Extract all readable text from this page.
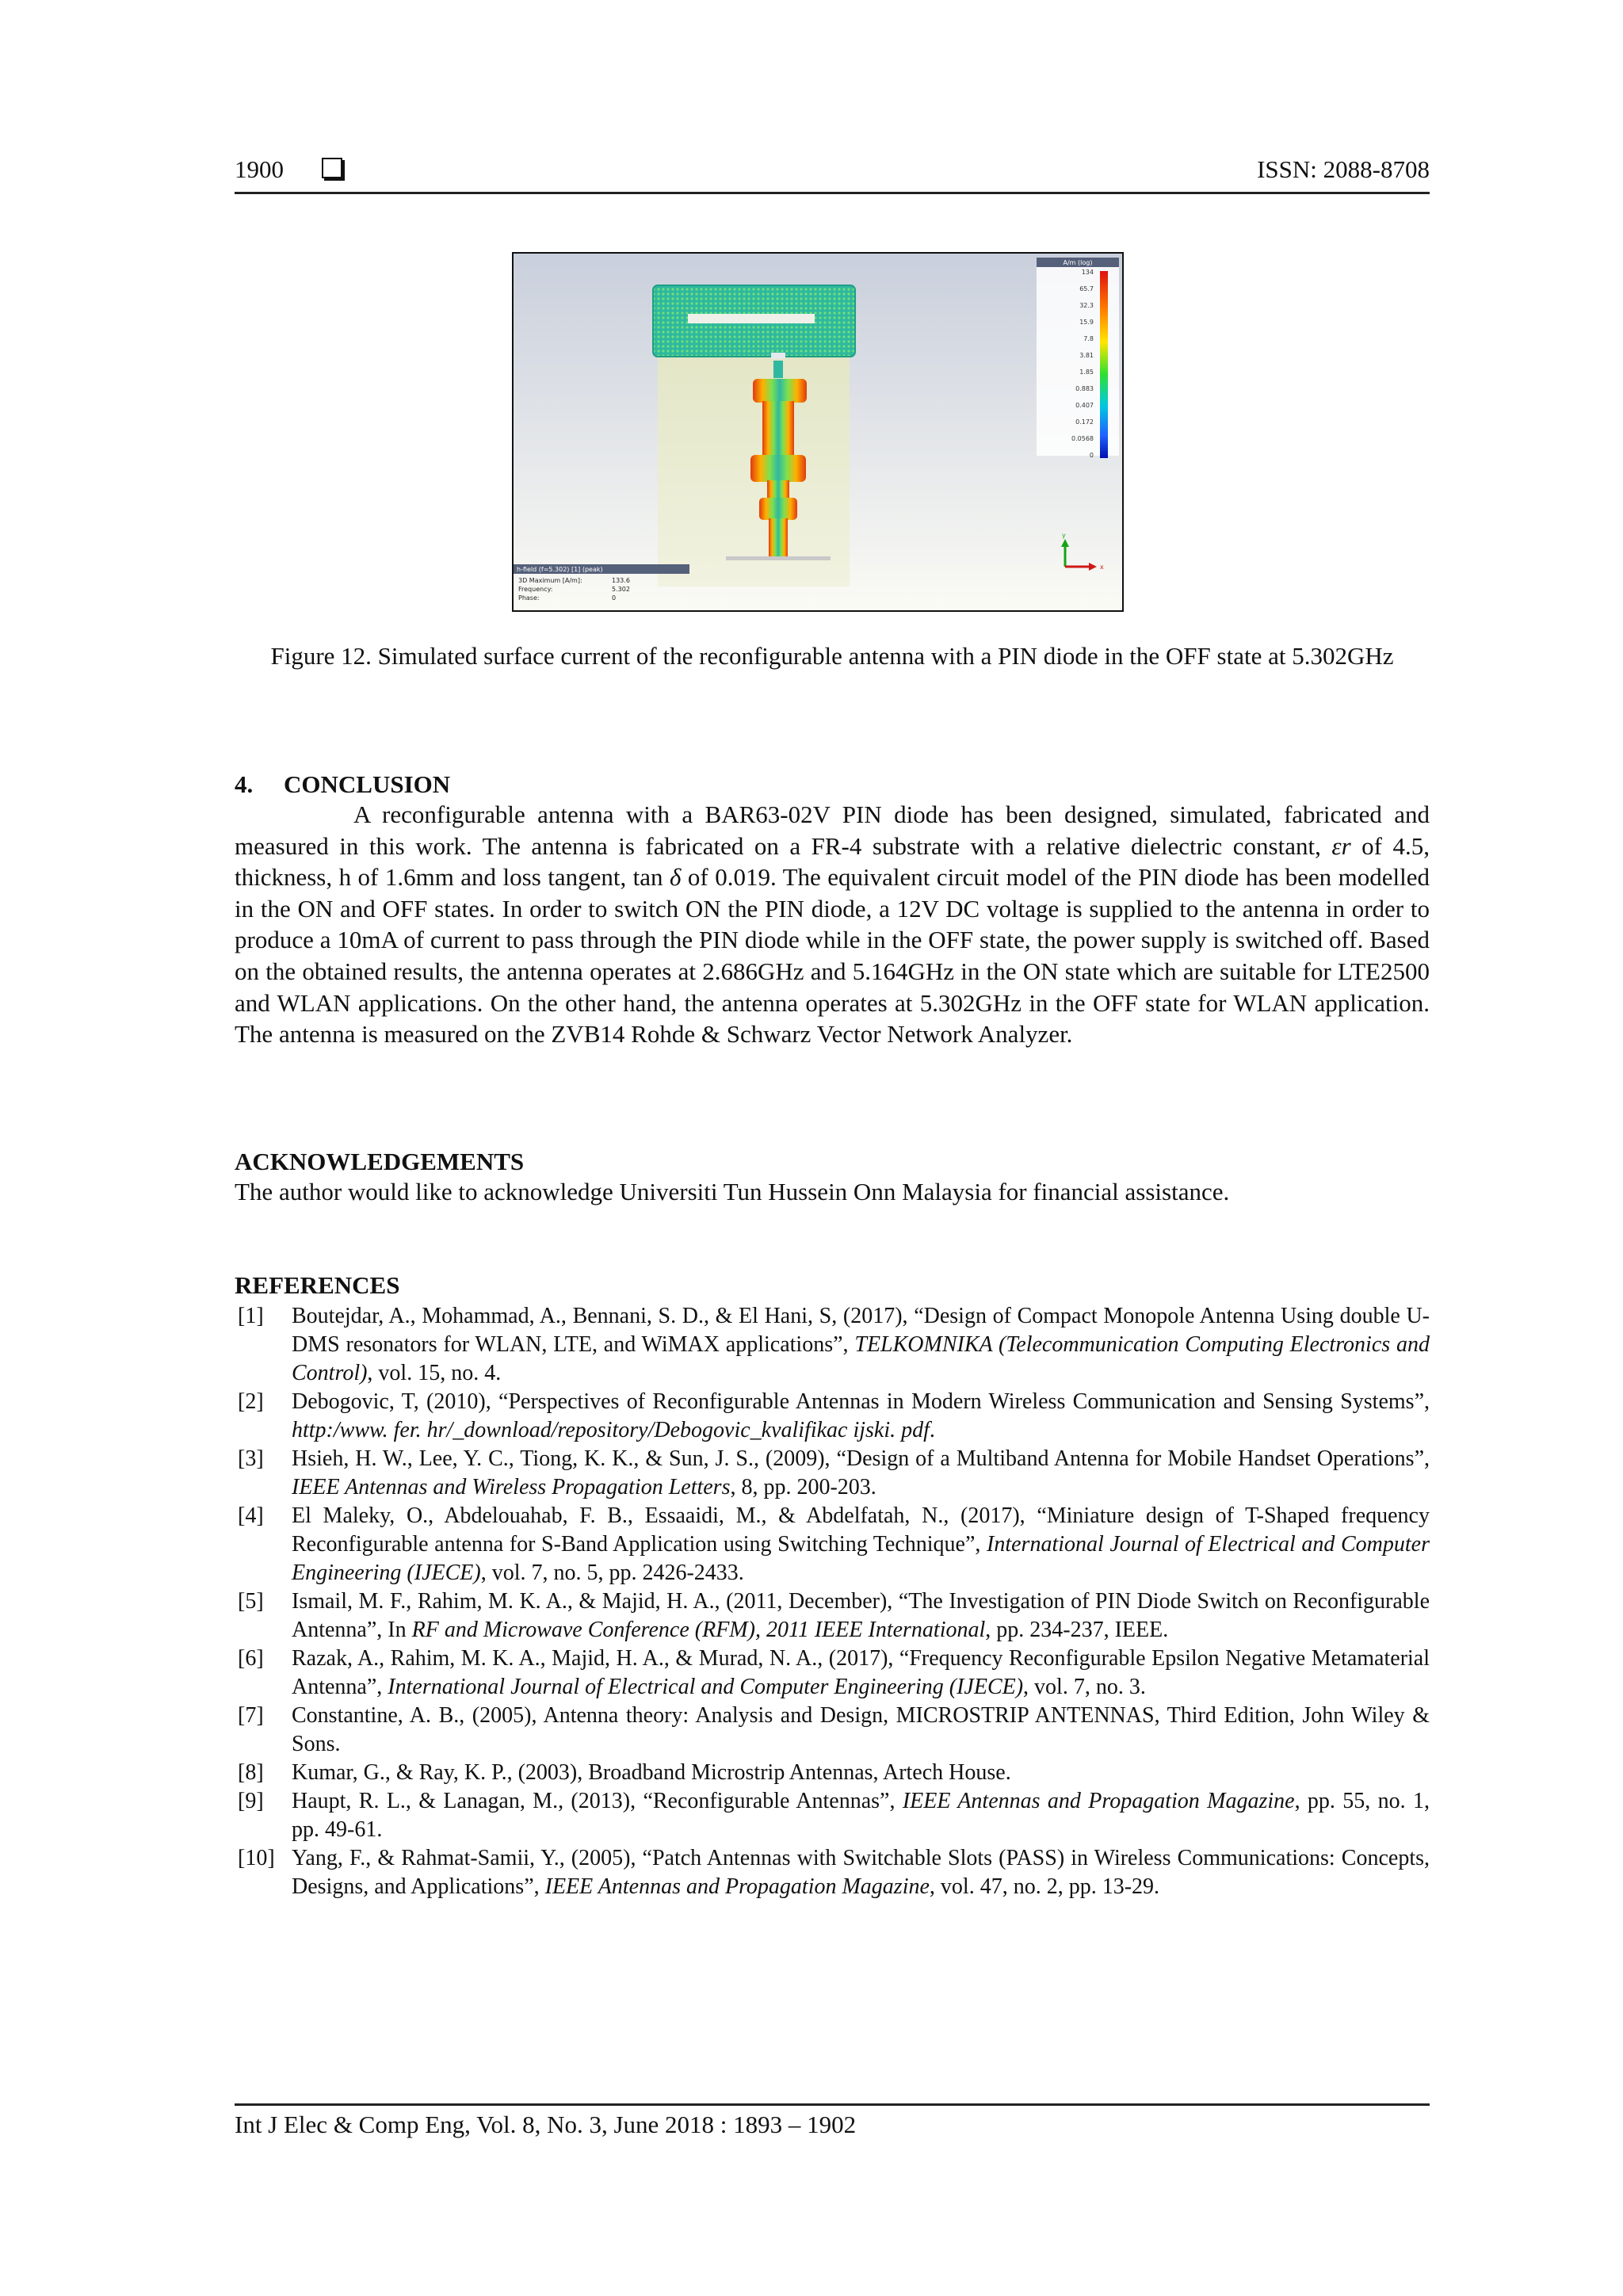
1900	ISSN: 2088-8708
A/m (log)
134
65.7
32.3
15.9
7.8
3.81
1.85
0.883
0.407
0.172
0.0568
0
y
x
h-field (f=5.302) [1] (peak)
3D Maximum [A/m]:	133.6
Frequency:	5.302
Phase:	0
Figure 12. Simulated surface current of the reconfigurable antenna with a PIN diode in the OFF state at 5.302GHz
4.     CONCLUSION
A reconfigurable antenna with a BAR63-02V PIN diode has been designed, simulated, fabricated and measured in this work. The antenna is fabricated on a FR-4 substrate with a relative dielectric constant, εr of 4.5, thickness, h of 1.6mm and loss tangent, tan δ of 0.019. The equivalent circuit model of the PIN diode has been modelled in the ON and OFF states. In order to switch ON the PIN diode, a 12V DC voltage is supplied to the antenna in order to produce a 10mA of current to pass through the PIN diode while in the OFF state, the power supply is switched off. Based on the obtained results, the antenna operates at 2.686GHz and 5.164GHz in the ON state which are suitable for LTE2500 and WLAN applications. On the other hand, the antenna operates at 5.302GHz in the OFF state for WLAN application. The antenna is measured on the ZVB14 Rohde & Schwarz Vector Network Analyzer.
ACKNOWLEDGEMENTS
The author would like to acknowledge Universiti Tun Hussein Onn Malaysia for financial assistance.
REFERENCES
[1]	Boutejdar, A., Mohammad, A., Bennani, S. D., & El Hani, S, (2017), “Design of Compact Monopole Antenna Using double U-DMS resonators for WLAN, LTE, and WiMAX applications”, TELKOMNIKA (Telecommunication Computing Electronics and Control), vol. 15, no. 4.
[2]	Debogovic, T, (2010), “Perspectives of Reconfigurable Antennas in Modern Wireless Communication and Sensing Systems”, http:/www. fer. hr/_download/repository/Debogovic_kvalifikac ijski. pdf.
[3]	Hsieh, H. W., Lee, Y. C., Tiong, K. K., & Sun, J. S., (2009), “Design of a Multiband Antenna for Mobile Handset Operations”, IEEE Antennas and Wireless Propagation Letters, 8, pp. 200-203.
[4]	El Maleky, O., Abdelouahab, F. B., Essaaidi, M., & Abdelfatah, N., (2017), “Miniature design of T-Shaped frequency Reconfigurable antenna for S-Band Application using Switching Technique”, International Journal of Electrical and Computer Engineering (IJECE), vol. 7, no. 5, pp. 2426-2433.
[5]	Ismail, M. F., Rahim, M. K. A., & Majid, H. A., (2011, December), “The Investigation of PIN Diode Switch on Reconfigurable Antenna”, In RF and Microwave Conference (RFM), 2011 IEEE International, pp. 234-237, IEEE.
[6]	Razak, A., Rahim, M. K. A., Majid, H. A., & Murad, N. A., (2017), “Frequency Reconfigurable Epsilon Negative Metamaterial Antenna”, International Journal of Electrical and Computer Engineering (IJECE), vol. 7, no. 3.
[7]	Constantine, A. B., (2005), Antenna theory: Analysis and Design, MICROSTRIP ANTENNAS, Third Edition, John Wiley & Sons.
[8]	Kumar, G., & Ray, K. P., (2003), Broadband Microstrip Antennas, Artech House.
[9]	Haupt, R. L., & Lanagan, M., (2013), “Reconfigurable Antennas”, IEEE Antennas and Propagation Magazine, pp. 55, no. 1, pp. 49-61.
[10] Yang, F., & Rahmat-Samii, Y., (2005), “Patch Antennas with Switchable Slots (PASS) in Wireless Communications: Concepts, Designs, and Applications”, IEEE Antennas and Propagation Magazine, vol. 47, no. 2, pp. 13-29.
Int J Elec & Comp Eng, Vol. 8, No. 3, June 2018 : 1893 – 1902
